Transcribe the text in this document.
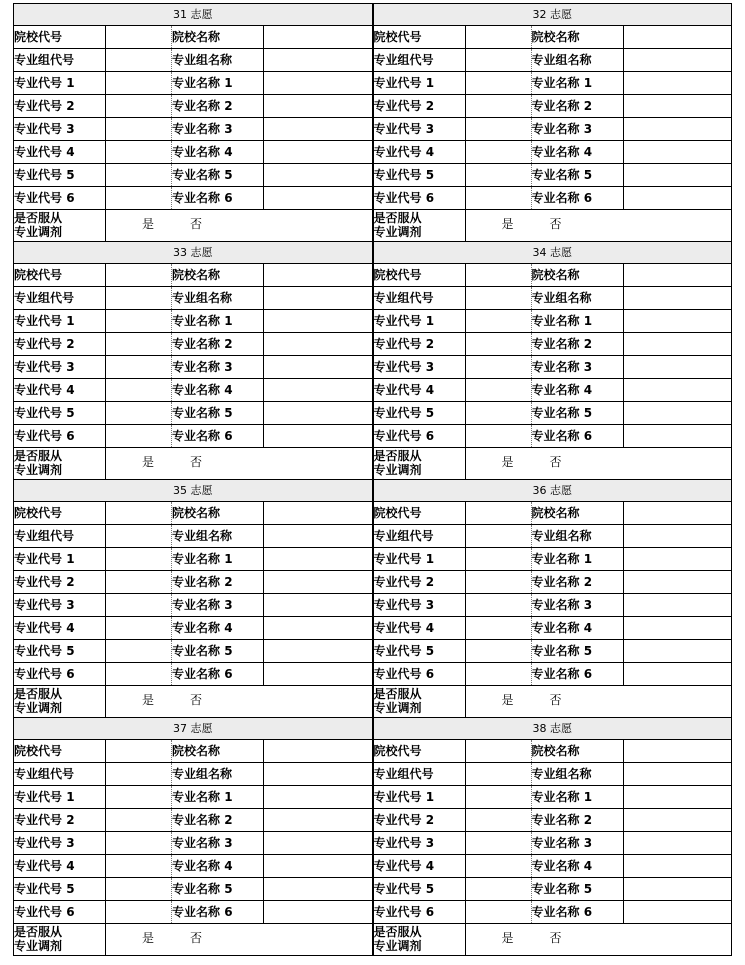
31 志愿
院校代号	院校名称
专业组代号	专业组名称
专业代号 1	专业名称 1
专业代号 2	专业名称 2
专业代号 3	专业名称 3
专业代号 4	专业名称 4
专业代号 5	专业名称 5
专业代号 6	专业名称 6
是否服从
专业调剂
是	否
32 志愿
院校代号	院校名称
专业组代号	专业组名称
专业代号 1	专业名称 1
专业代号 2	专业名称 2
专业代号 3	专业名称 3
专业代号 4	专业名称 4
专业代号 5	专业名称 5
专业代号 6	专业名称 6
是否服从
专业调剂
是	否
33 志愿
院校代号	院校名称
专业组代号	专业组名称
专业代号 1	专业名称 1
专业代号 2	专业名称 2
专业代号 3	专业名称 3
专业代号 4	专业名称 4
专业代号 5	专业名称 5
专业代号 6	专业名称 6
是否服从
专业调剂
是	否
34 志愿
院校代号	院校名称
专业组代号	专业组名称
专业代号 1	专业名称 1
专业代号 2	专业名称 2
专业代号 3	专业名称 3
专业代号 4	专业名称 4
专业代号 5	专业名称 5
专业代号 6	专业名称 6
是否服从
专业调剂
是	否
35 志愿
院校代号	院校名称
专业组代号	专业组名称
专业代号 1	专业名称 1
专业代号 2	专业名称 2
专业代号 3	专业名称 3
专业代号 4	专业名称 4
专业代号 5	专业名称 5
专业代号 6	专业名称 6
是否服从
专业调剂
是	否
36 志愿
院校代号	院校名称
专业组代号	专业组名称
专业代号 1	专业名称 1
专业代号 2	专业名称 2
专业代号 3	专业名称 3
专业代号 4	专业名称 4
专业代号 5	专业名称 5
专业代号 6	专业名称 6
是否服从
专业调剂
是	否
37 志愿
院校代号	院校名称
专业组代号	专业组名称
专业代号 1	专业名称 1
专业代号 2	专业名称 2
专业代号 3	专业名称 3
专业代号 4	专业名称 4
专业代号 5	专业名称 5
专业代号 6	专业名称 6
是否服从
专业调剂
是	否
38 志愿
院校代号	院校名称
专业组代号	专业组名称
专业代号 1	专业名称 1
专业代号 2	专业名称 2
专业代号 3	专业名称 3
专业代号 4	专业名称 4
专业代号 5	专业名称 5
专业代号 6	专业名称 6
是否服从
专业调剂
是	否
